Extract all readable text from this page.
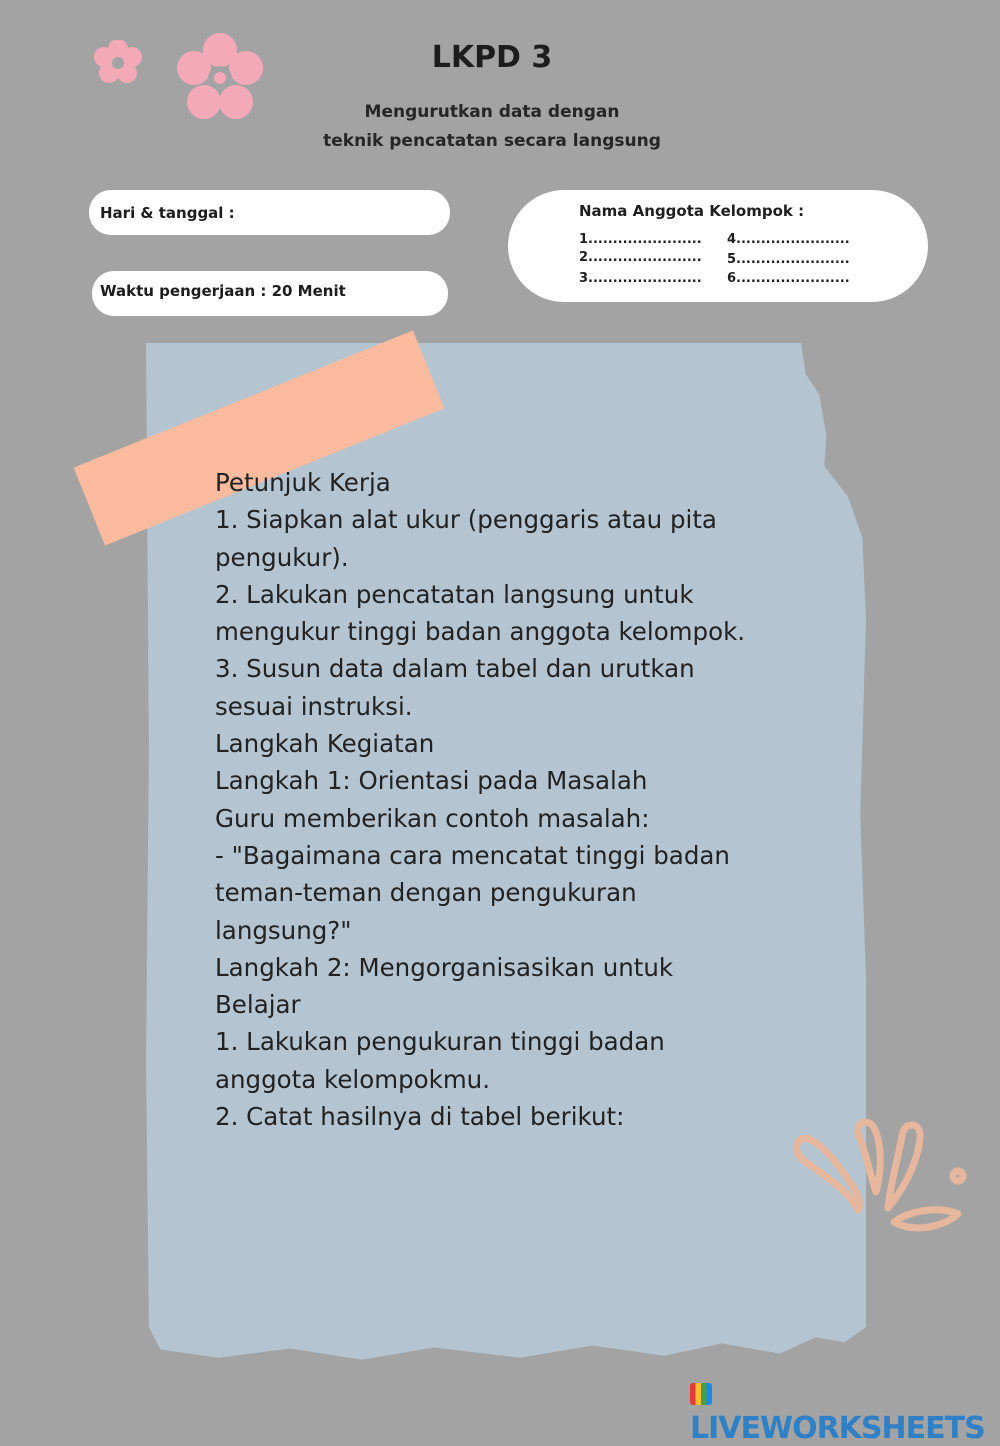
LKPD 3
Mengurutkan data dengan
teknik pencatatan secara langsung
Hari & tanggal :
Waktu pengerjaan : 20 Menit
Nama Anggota Kelompok :
1.......................
2.......................
3.......................
4.......................
5.......................
6.......................
Petunjuk Kerja
1. Siapkan alat ukur (penggaris atau pita
pengukur).
2. Lakukan pencatatan langsung untuk
mengukur tinggi badan anggota kelompok.
3. Susun data dalam tabel dan urutkan
sesuai instruksi.
Langkah Kegiatan
Langkah 1: Orientasi pada Masalah
Guru memberikan contoh masalah:
- "Bagaimana cara mencatat tinggi badan
teman-teman dengan pengukuran
langsung?"
Langkah 2: Mengorganisasikan untuk
Belajar
1. Lakukan pengukuran tinggi badan
anggota kelompokmu.
2. Catat hasilnya di tabel berikut:
LIVEWORKSHEETS
